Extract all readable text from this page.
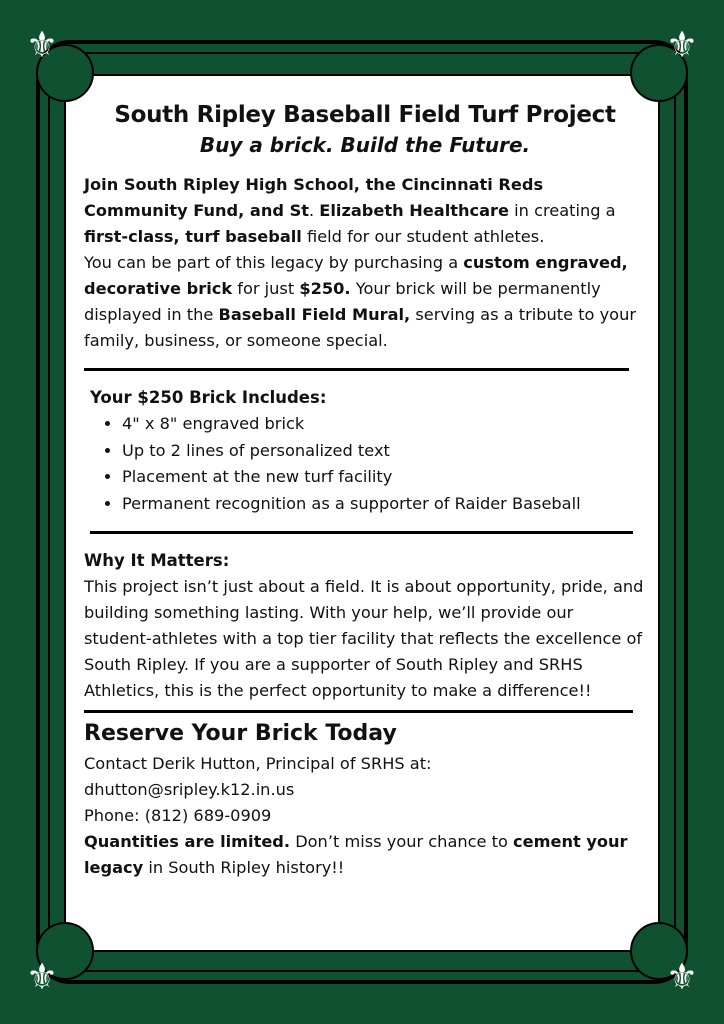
⚜	⚜
⚜	⚜
South Ripley Baseball Field Turf Project
Buy a brick. Build the Future.

Join South Ripley High School, the Cincinnati Reds Community Fund, and St. Elizabeth Healthcare in creating a first-class, turf baseball field for our student athletes.
You can be part of this legacy by purchasing a custom engraved, decorative brick for just $250. Your brick will be permanently displayed in the Baseball Field Mural, serving as a tribute to your family, business, or someone special.

Your $250 Brick Includes:
• 4" x 8" engraved brick
• Up to 2 lines of personalized text
• Placement at the new turf facility
• Permanent recognition as a supporter of Raider Baseball
Why It Matters:

This project isn’t just about a field. It is about opportunity, pride, and building something lasting. With your help, we’ll provide our student-athletes with a top tier facility that reflects the excellence of South Ripley. If you are a supporter of South Ripley and SRHS Athletics, this is the perfect opportunity to make a difference!!

Reserve Your Brick Today

Contact Derik Hutton, Principal of SRHS at:

dhutton@sripley.k12.in.us

Phone: (812) 689-0909

Quantities are limited. Don’t miss your chance to cement your legacy in South Ripley history!!
